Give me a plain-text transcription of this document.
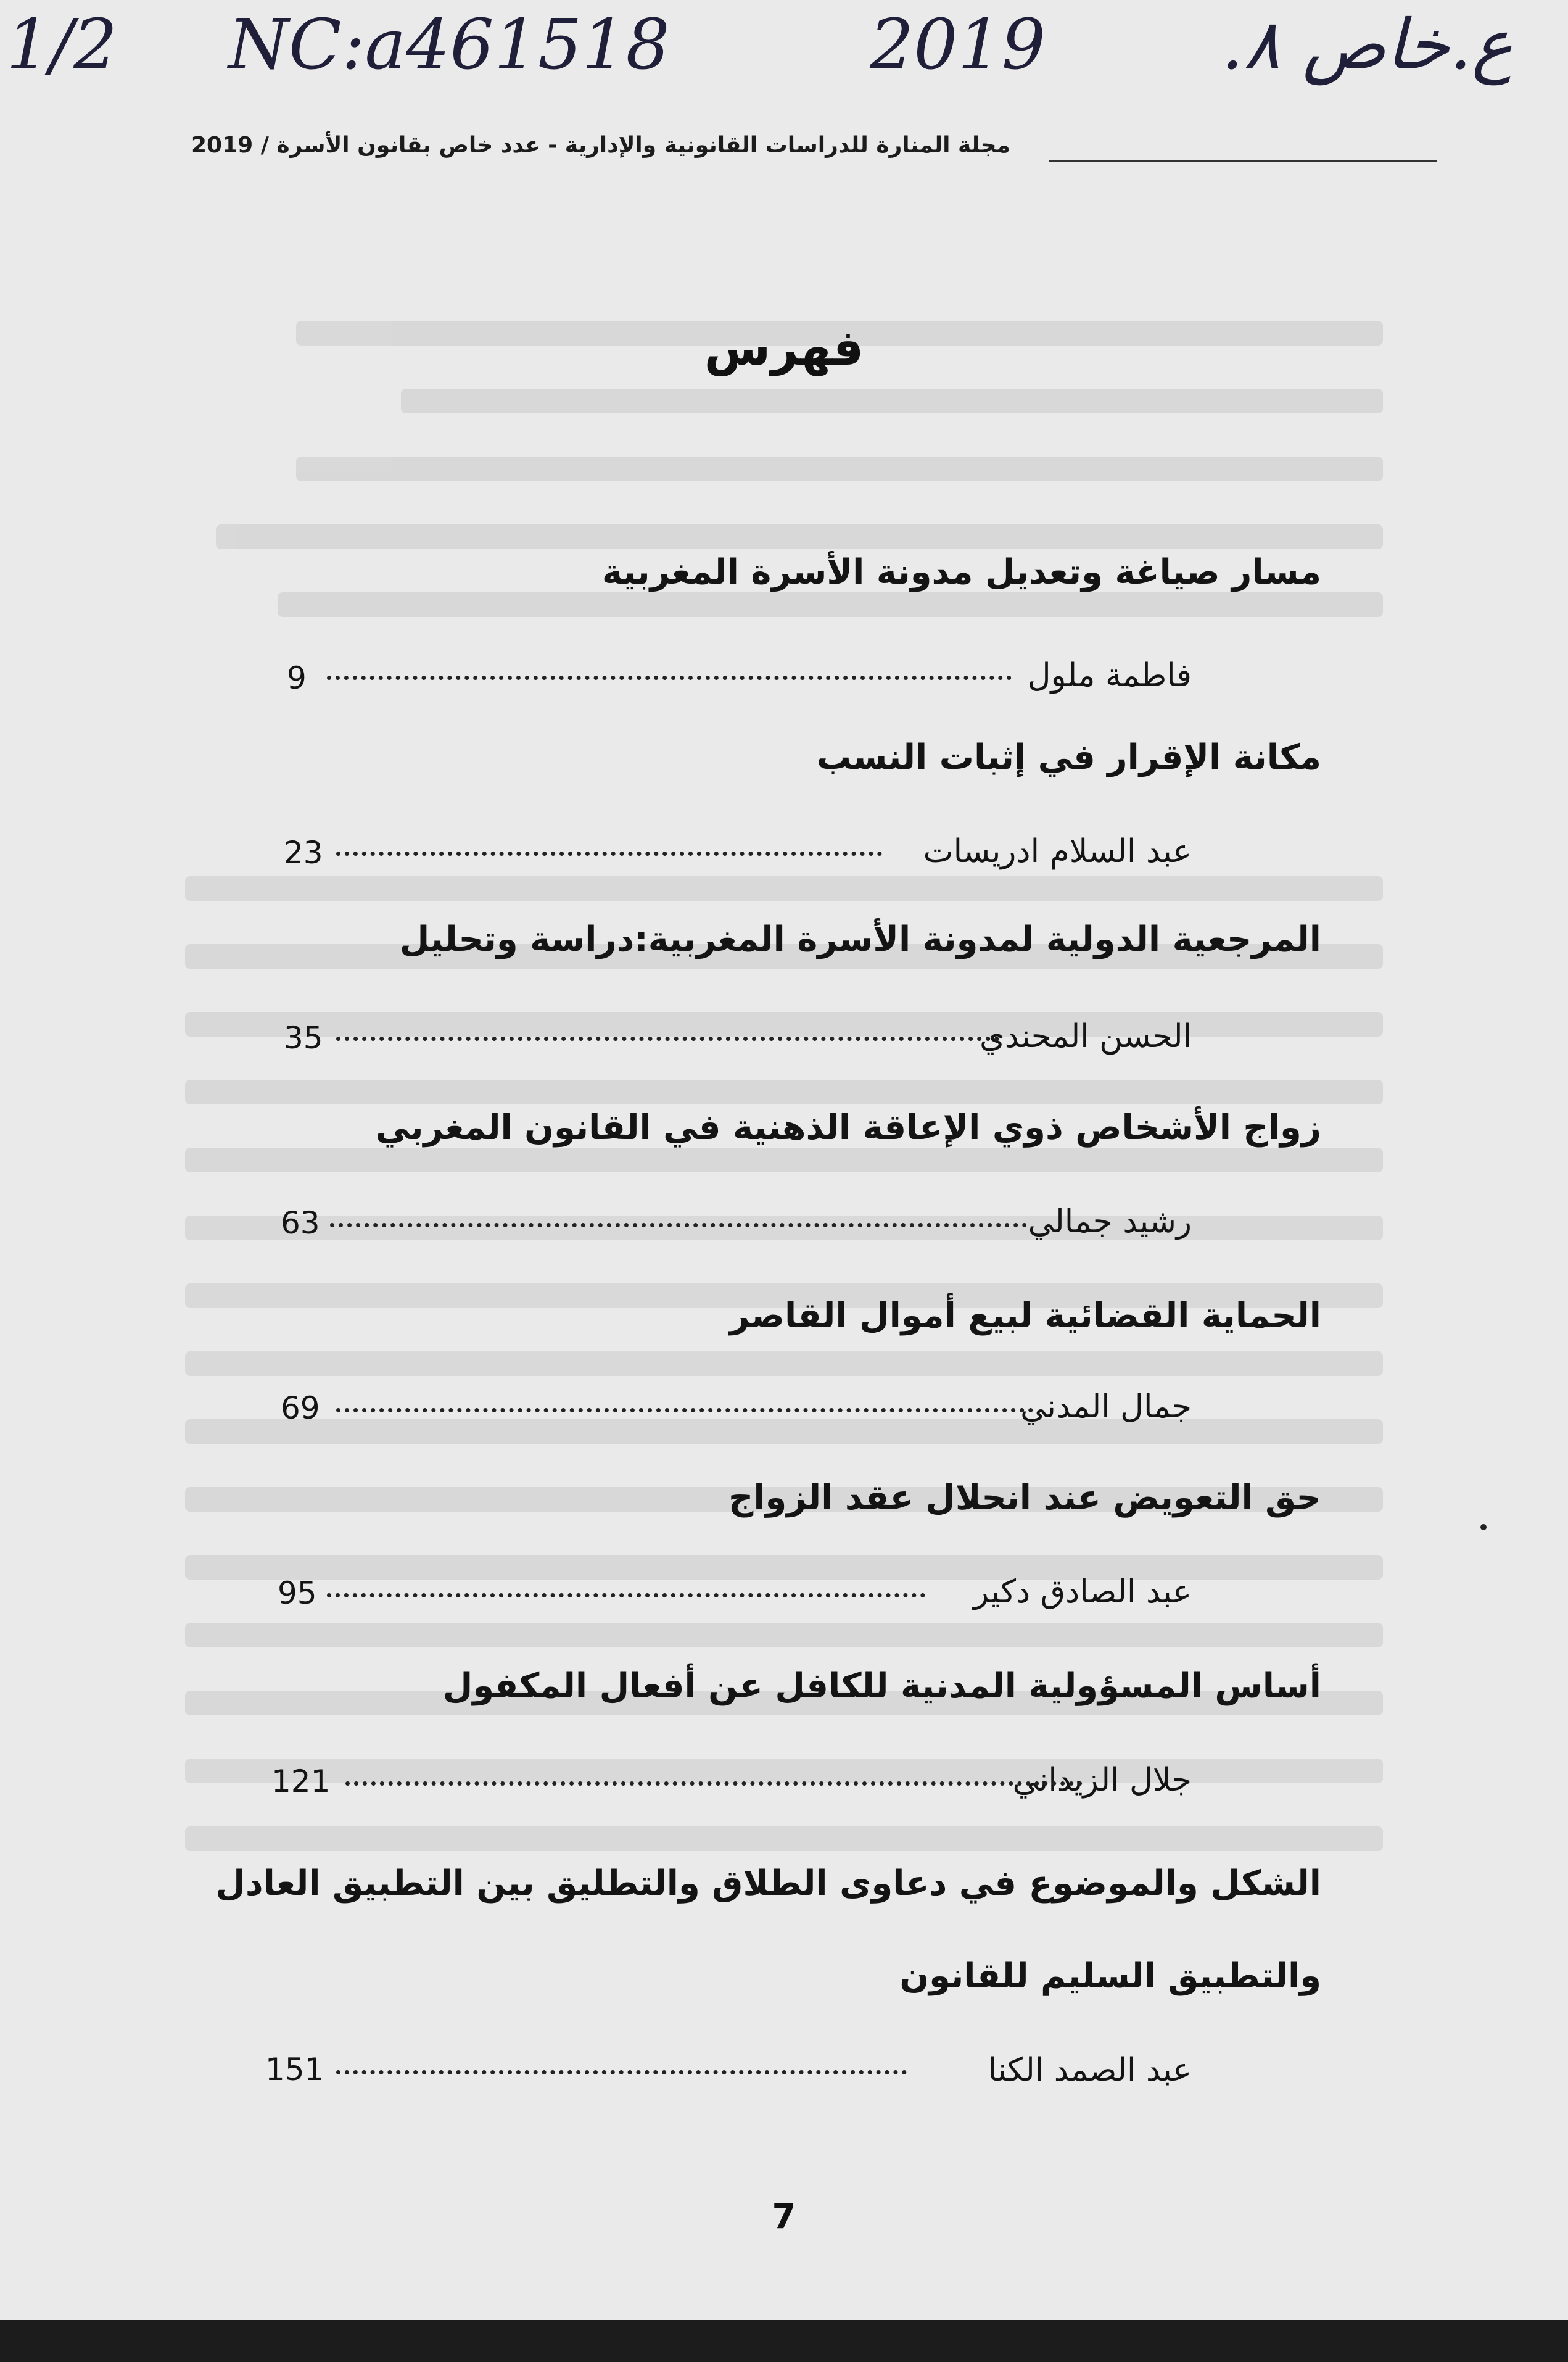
1/2 NC:a461518	2019	ع.خاص ٨.
مجلة المنارة للدراسات القانونية والإدارية - عدد خاص بقانون الأسرة / 2019
فهرس
مسار صياغة وتعديل مدونة الأسرة المغربية
فاطمة ملول
9
مكانة الإقرار في إثبات النسب
عبد السلام ادريسات
23
المرجعية الدولية لمدونة الأسرة المغربية:دراسة وتحليل
الحسن المحندي
35
زواج الأشخاص ذوي الإعاقة الذهنية في القانون المغربي
رشيد جمالي
63
الحماية القضائية لبيع أموال القاصر
جمال المدني
69
حق التعويض عند انحلال عقد الزواج
عبد الصادق دكير
95
أساس المسؤولية المدنية للكافل عن أفعال المكفول
جلال الزيداني
121
الشكل والموضوع في دعاوى الطلاق والتطليق بين التطبيق العادل
والتطبيق السليم للقانون
عبد الصمد الكنا
151
7
